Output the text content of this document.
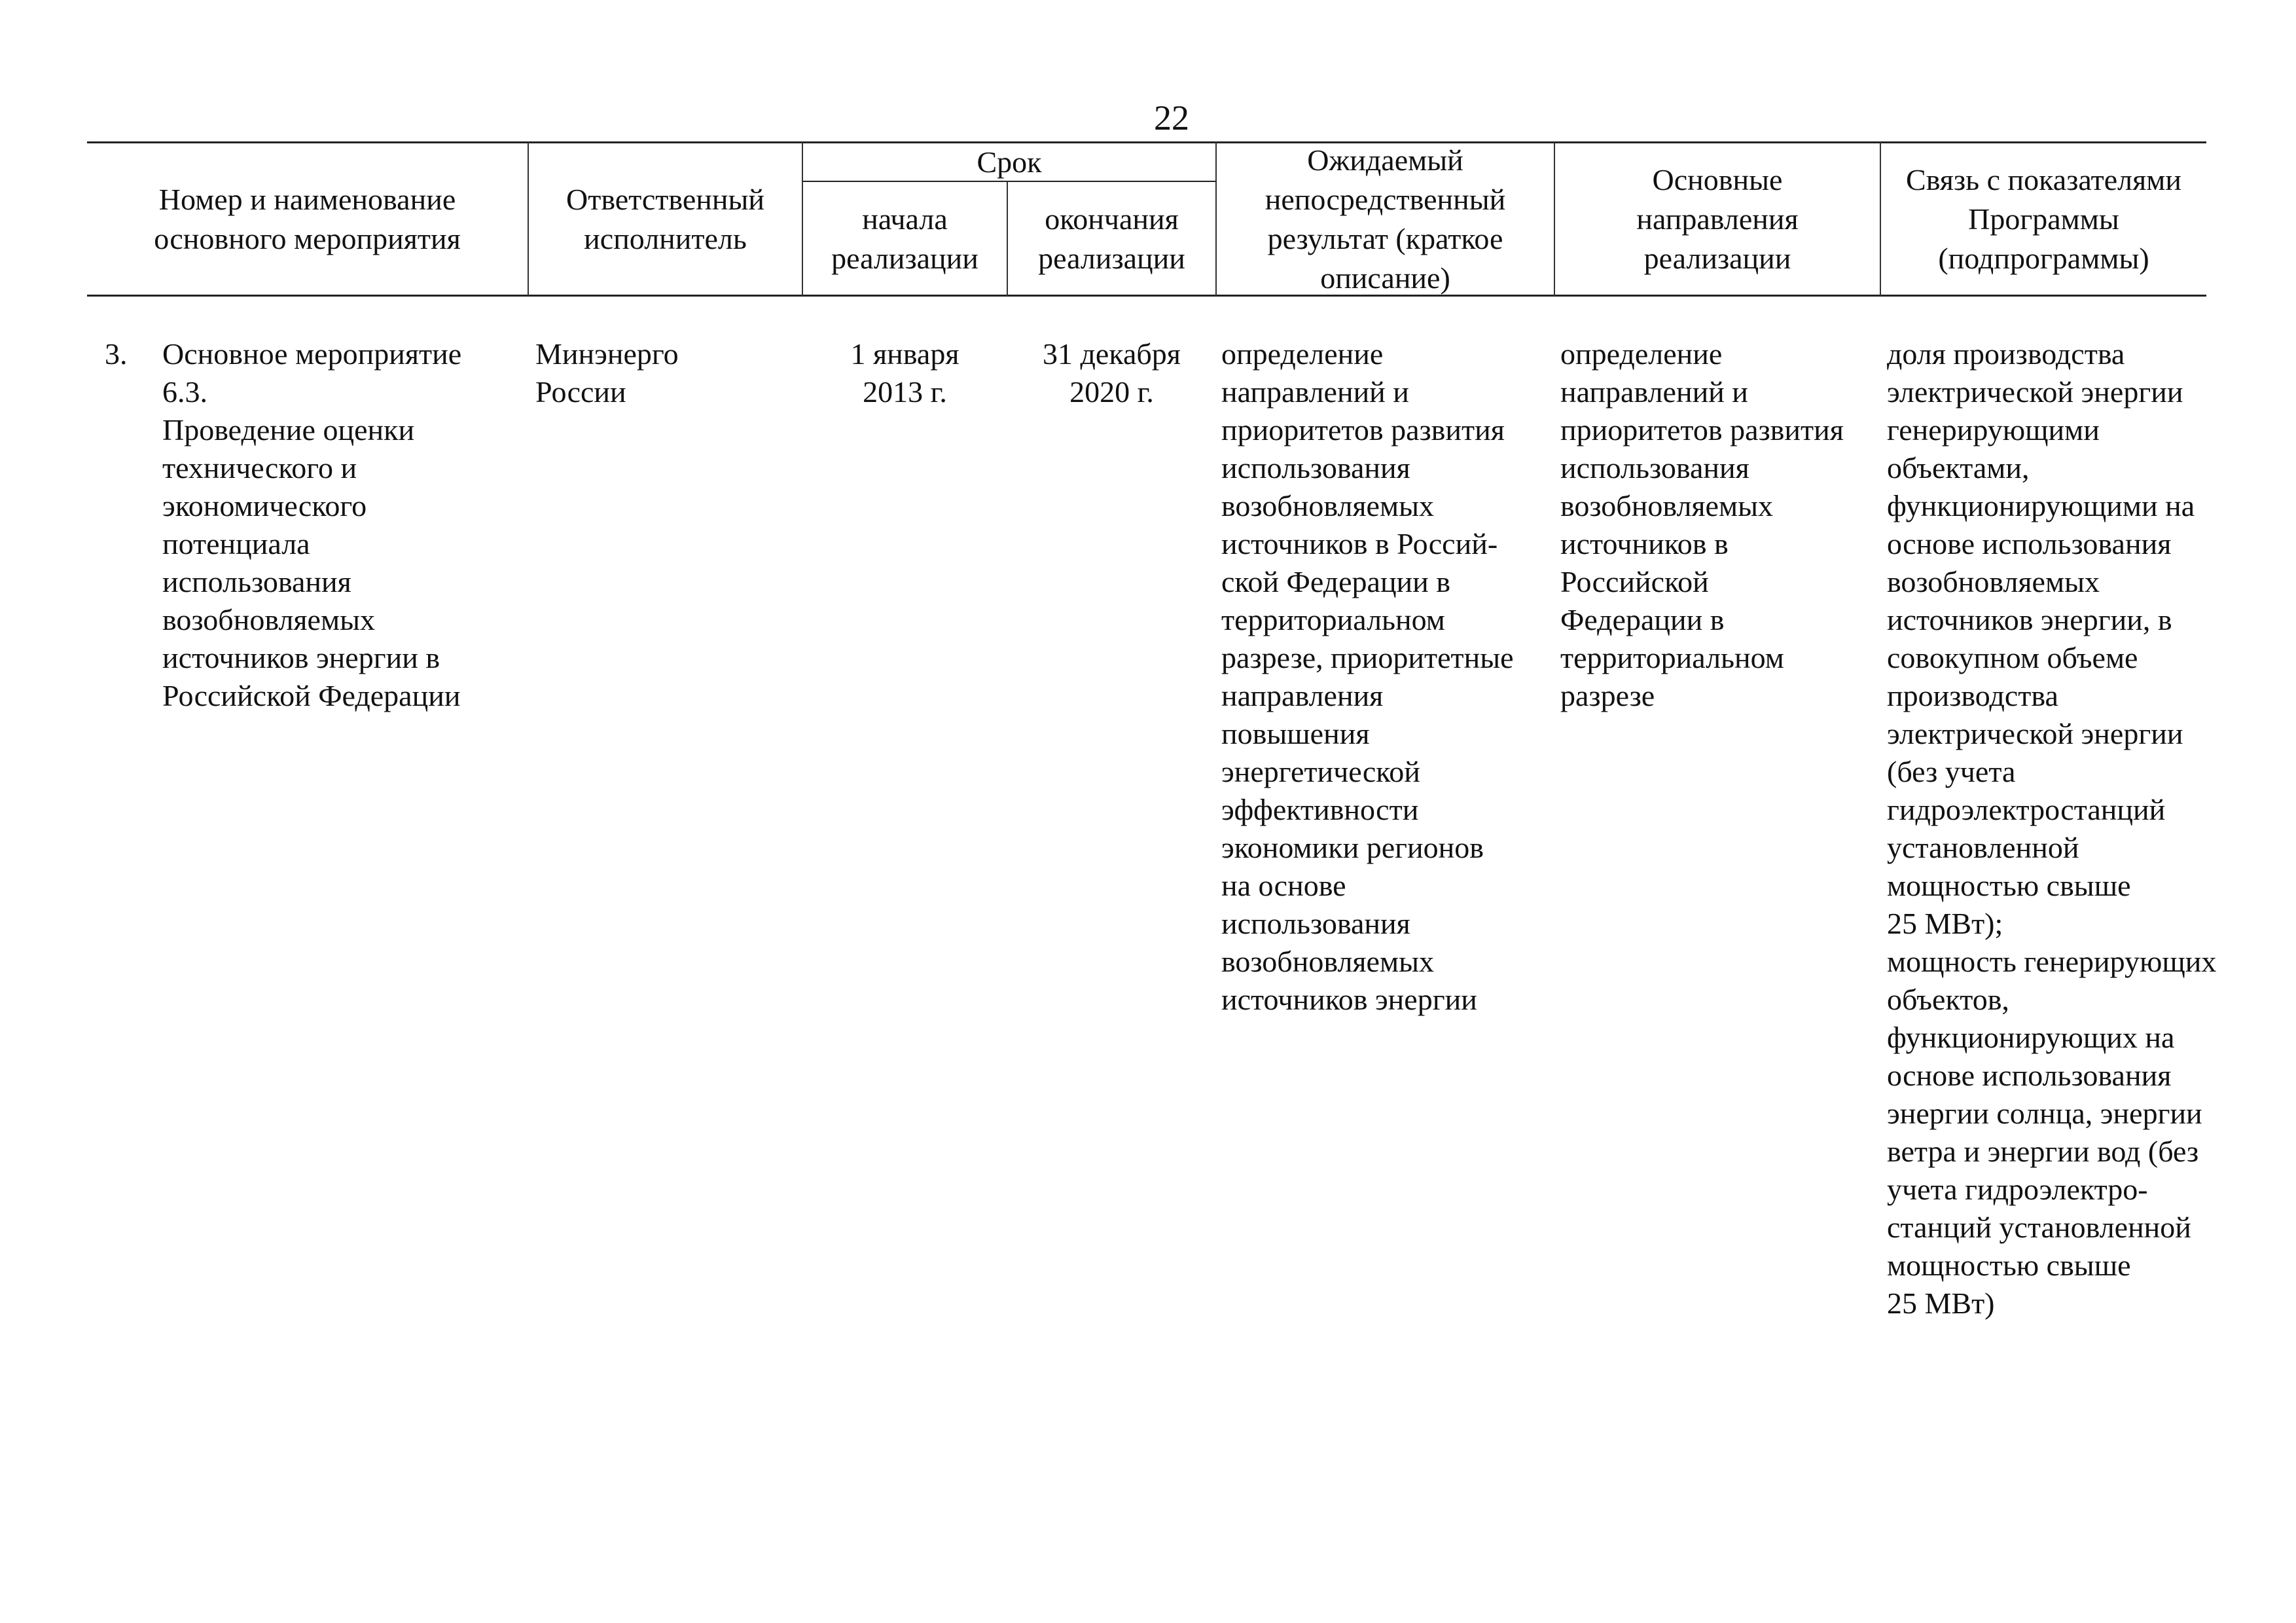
22
Номер и наименование
основного мероприятия
Ответственный
исполнитель
Срок
начала
реализации
окончания
реализации
Ожидаемый
непосредственный
результат (краткое
описание)
Основные
направления
реализации
Связь с показателями
Программы
(подпрограммы)
3.	Основное мероприятие
6.3.
Проведение оценки
технического и
экономического
потенциала
использования
возобновляемых
источников энергии в
Российской Федерации
Минэнерго
России
1 января
2013 г.
31 декабря
2020 г.
определение
направлений и
приоритетов развития
использования
возобновляемых
источников в Россий-
ской Федерации в
территориальном
разрезе, приоритетные
направления
повышения
энергетической
эффективности
экономики регионов
на основе
использования
возобновляемых
источников энергии
определение
направлений и
приоритетов развития
использования
возобновляемых
источников в
Российской
Федерации в
территориальном
разрезе
доля производства
электрической энергии
генерирующими
объектами,
функционирующими на
основе использования
возобновляемых
источников энергии, в
совокупном объеме
производства
электрической энергии
(без учета
гидроэлектростанций
установленной
мощностью свыше
25 МВт);
мощность генерирующих
объектов,
функционирующих на
основе использования
энергии солнца, энергии
ветра и энергии вод (без
учета гидроэлектро-
станций установленной
мощностью свыше
25 МВт)
